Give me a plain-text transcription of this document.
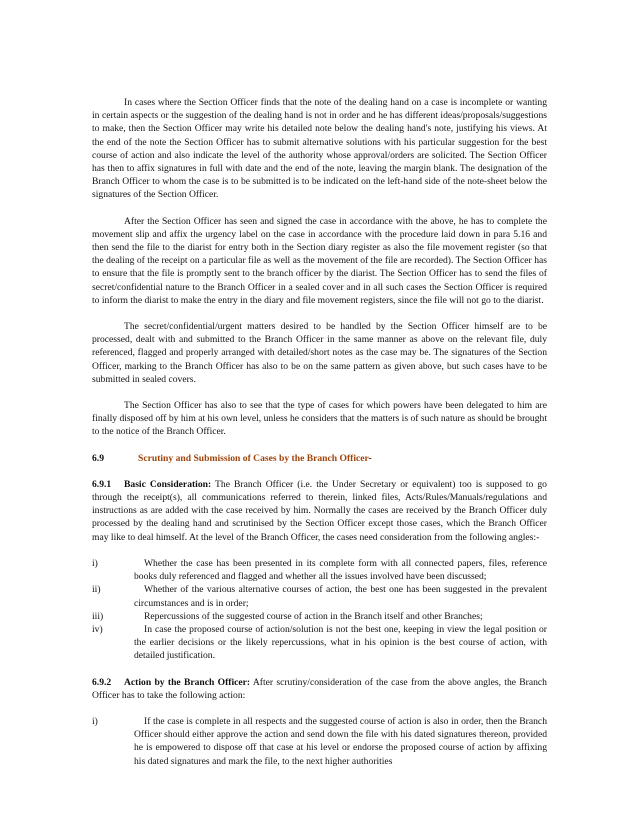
In cases where the Section Officer finds that the note of the dealing hand on a case is incomplete or wanting in certain aspects or the suggestion of the dealing hand is not in order and he has different ideas/proposals/suggestions to make, then the Section Officer may write his detailed note below the dealing hand's note, justifying his views. At the end of the note the Section Officer has to submit alternative solutions with his particular suggestion for the best course of action and also indicate the level of the authority whose approval/orders are solicited. The Section Officer has then to affix signatures in full with date and the end of the note, leaving the margin blank. The designation of the Branch Officer to whom the case is to be submitted is to be indicated on the left-hand side of the note-sheet below the signatures of the Section Officer.

After the Section Officer has seen and signed the case in accordance with the above, he has to complete the movement slip and affix the urgency label on the case in accordance with the procedure laid down in para 5.16 and then send the file to the diarist for entry both in the Section diary register as also the file movement register (so that the dealing of the receipt on a particular file as well as the movement of the file are recorded). The Section Officer has to ensure that the file is promptly sent to the branch officer by the diarist. The Section Officer has to send the files of secret/confidential nature to the Branch Officer in a sealed cover and in all such cases the Section Officer is required to inform the diarist to make the entry in the diary and file movement registers, since the file will not go to the diarist.

The secret/confidential/urgent matters desired to be handled by the Section Officer himself are to be processed, dealt with and submitted to the Branch Officer in the same manner as above on the relevant file, duly referenced, flagged and properly arranged with detailed/short notes as the case may be. The signatures of the Section Officer, marking to the Branch Officer has also to be on the same pattern as given above, but such cases have to be submitted in sealed covers.

The Section Officer has also to see that the type of cases for which powers have been delegated to him are finally disposed off by him at his own level, unless he considers that the matters is of such nature as should be brought to the notice of the Branch Officer.

6.9	Scrutiny and Submission of Cases by the Branch Officer-

6.9.1 Basic Consideration: The Branch Officer (i.e. the Under Secretary or equivalent) too is supposed to go through the receipt(s), all communications referred to therein, linked files, Acts/Rules/Manuals/regulations and instructions as are added with the case received by him. Normally the cases are received by the Branch Officer duly processed by the dealing hand and scrutinised by the Section Officer except those cases, which the Branch Officer may like to deal himself. At the level of the Branch Officer, the cases need consideration from the following angles:-

i)	Whether the case has been presented in its complete form with all connected papers, files, reference books duly referenced and flagged and whether all the issues involved have been discussed;
ii)	Whether of the various alternative courses of action, the best one has been suggested in the prevalent circumstances and is in order;
iii)	Repercussions of the suggested course of action in the Branch itself and other Branches;
iv)	In case the proposed course of action/solution is not the best one, keeping in view the legal position or the earlier decisions or the likely repercussions, what in his opinion is the best course of action, with detailed justification.

6.9.2 Action by the Branch Officer: After scrutiny/consideration of the case from the above angles, the Branch Officer has to take the following action:

i)	If the case is complete in all respects and the suggested course of action is also in order, then the Branch Officer should either approve the action and send down the file with his dated signatures thereon, provided he is empowered to dispose off that case at his level or endorse the proposed course of action by affixing his dated signatures and mark the file, to the next higher authorities
